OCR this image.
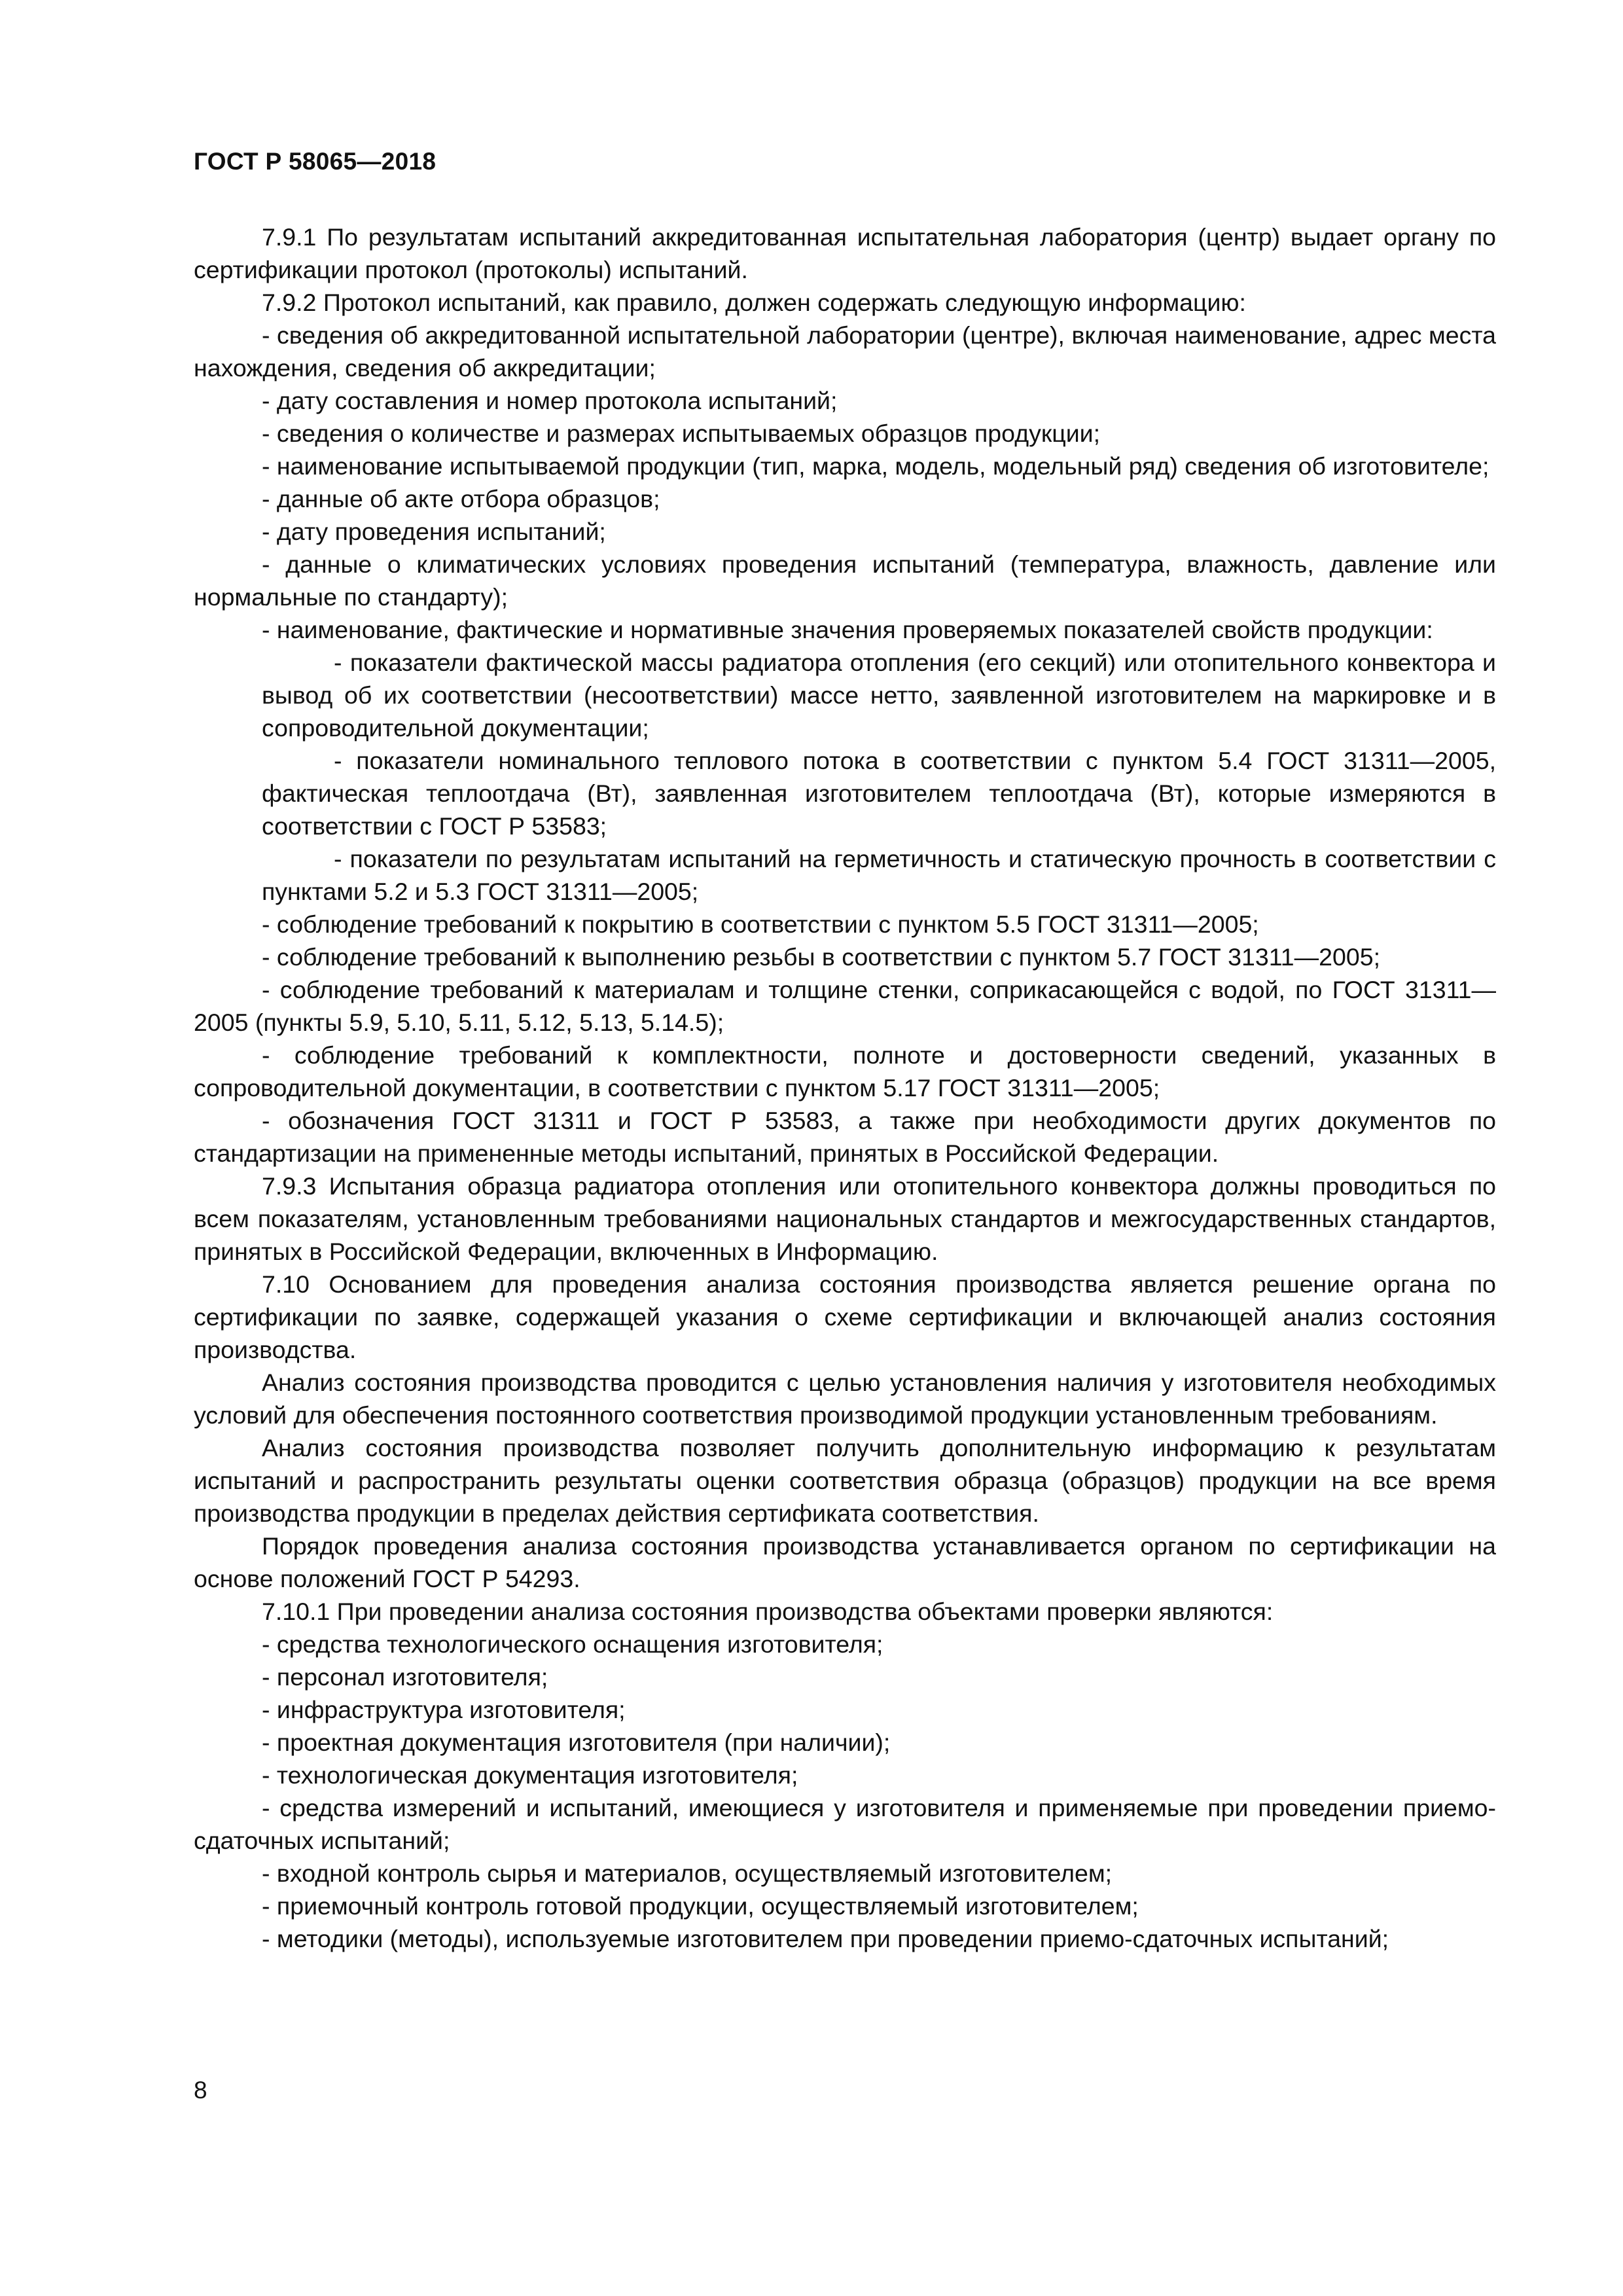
ГОСТ Р 58065—2018

7.9.1 По результатам испытаний аккредитованная испытательная лаборатория (центр) выдает органу по сертификации протокол (протоколы) испытаний.

7.9.2 Протокол испытаний, как правило, должен содержать следующую информацию:

- сведения об аккредитованной испытательной лаборатории (центре), включая наименование, адрес места нахождения, сведения об аккредитации;

- дату составления и номер протокола испытаний;

- сведения о количестве и размерах испытываемых образцов продукции;

- наименование испытываемой продукции (тип, марка, модель, модельный ряд) сведения об изготовителе;

- данные об акте отбора образцов;

- дату проведения испытаний;

- данные о климатических условиях проведения испытаний (температура, влажность, давление или нормальные по стандарту);

- наименование, фактические и нормативные значения проверяемых показателей свойств продукции:

- показатели фактической массы радиатора отопления (его секций) или отопительного конвектора и вывод об их соответствии (несоответствии) массе нетто, заявленной изготовителем на маркировке и в сопроводительной документации;

- показатели номинального теплового потока в соответствии с пунктом 5.4 ГОСТ 31311—2005, фактическая теплоотдача (Вт), заявленная изготовителем теплоотдача (Вт), которые измеряются в соответствии с ГОСТ Р 53583;

- показатели по результатам испытаний на герметичность и статическую прочность в соответствии с пунктами 5.2 и 5.3 ГОСТ 31311—2005;

- соблюдение требований к покрытию в соответствии с пунктом 5.5 ГОСТ 31311—2005;

- соблюдение требований к выполнению резьбы в соответствии с пунктом 5.7 ГОСТ 31311—2005;

- соблюдение требований к материалам и толщине стенки, соприкасающейся с водой, по ГОСТ 31311—2005 (пункты 5.9, 5.10, 5.11, 5.12, 5.13, 5.14.5);

- соблюдение требований к комплектности, полноте и достоверности сведений, указанных в сопроводительной документации, в соответствии с пунктом 5.17 ГОСТ 31311—2005;

- обозначения ГОСТ 31311 и ГОСТ Р 53583, а также при необходимости других документов по стандартизации на примененные методы испытаний, принятых в Российской Федерации.

7.9.3 Испытания образца радиатора отопления или отопительного конвектора должны проводиться по всем показателям, установленным требованиями национальных стандартов и межгосударственных стандартов, принятых в Российской Федерации, включенных в Информацию.

7.10 Основанием для проведения анализа состояния производства является решение органа по сертификации по заявке, содержащей указания о схеме сертификации и включающей анализ состояния производства.

Анализ состояния производства проводится с целью установления наличия у изготовителя необходимых условий для обеспечения постоянного соответствия производимой продукции установленным требованиям.

Анализ состояния производства позволяет получить дополнительную информацию к результатам испытаний и распространить результаты оценки соответствия образца (образцов) продукции на все время производства продукции в пределах действия сертификата соответствия.

Порядок проведения анализа состояния производства устанавливается органом по сертификации на основе положений ГОСТ Р 54293.

7.10.1 При проведении анализа состояния производства объектами проверки являются:

- средства технологического оснащения изготовителя;

- персонал изготовителя;

- инфраструктура изготовителя;

- проектная документация изготовителя (при наличии);

- технологическая документация изготовителя;

- средства измерений и испытаний, имеющиеся у изготовителя и применяемые при проведении приемо-сдаточных испытаний;

- входной контроль сырья и материалов, осуществляемый изготовителем;

- приемочный контроль готовой продукции, осуществляемый изготовителем;

- методики (методы), используемые изготовителем при проведении приемо-сдаточных испытаний;

8
